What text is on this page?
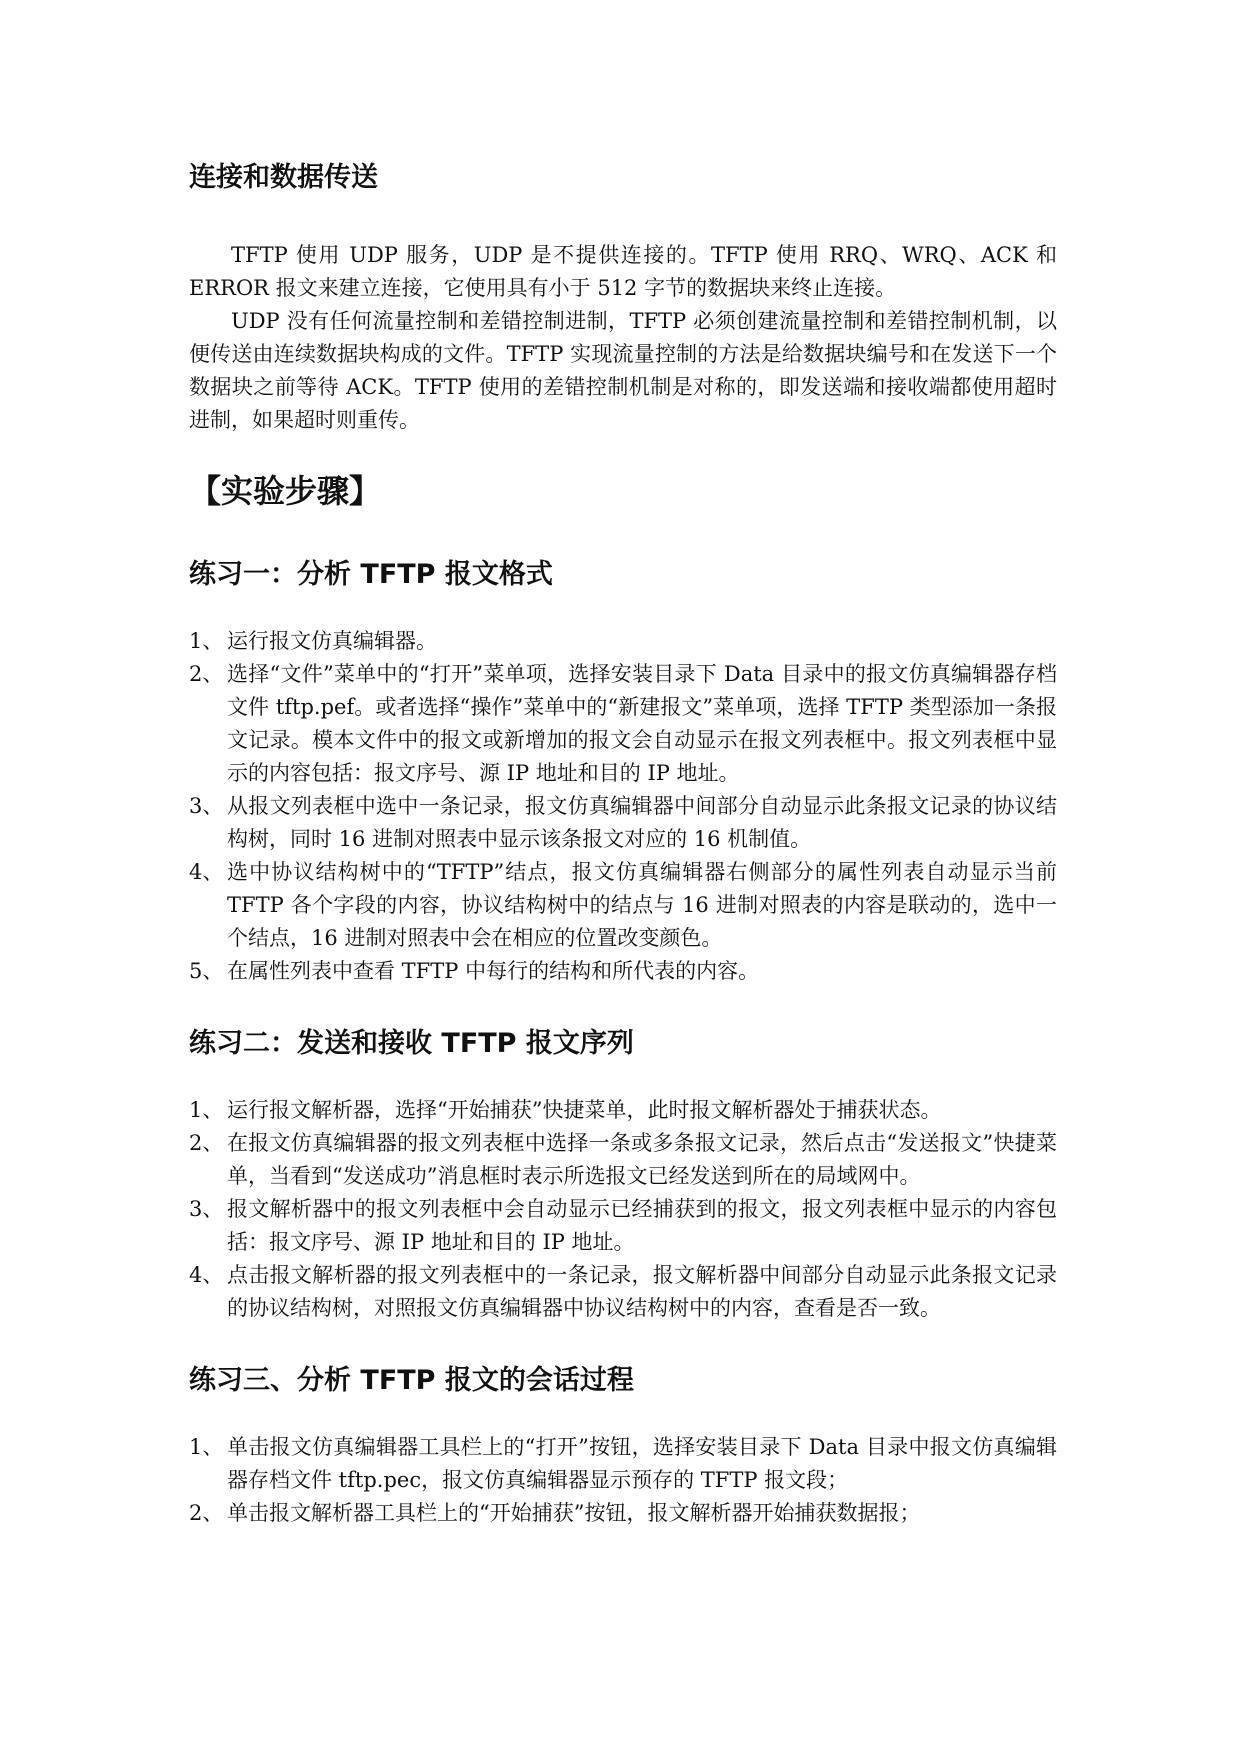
连接和数据传送

TFTP 使用 UDP 服务，UDP 是不提供连接的。TFTP 使用 RRQ、WRQ、ACK 和 ERROR 报文来建立连接，它使用具有小于 512 字节的数据块来终止连接。

UDP 没有任何流量控制和差错控制进制，TFTP 必须创建流量控制和差错控制机制，以便传送由连续数据块构成的文件。TFTP 实现流量控制的方法是给数据块编号和在发送下一个数据块之前等待 ACK。TFTP 使用的差错控制机制是对称的，即发送端和接收端都使用超时进制，如果超时则重传。

【实验步骤】
练习一：分析 TFTP 报文格式
1、 运行报文仿真编辑器。
2、 选择“文件”菜单中的“打开”菜单项，选择安装目录下 Data 目录中的报文仿真编辑器存档文件 tftp.pef。或者选择“操作”菜单中的“新建报文”菜单项，选择 TFTP 类型添加一条报文记录。模本文件中的报文或新增加的报文会自动显示在报文列表框中。报文列表框中显示的内容包括：报文序号、源 IP 地址和目的 IP 地址。
3、 从报文列表框中选中一条记录，报文仿真编辑器中间部分自动显示此条报文记录的协议结构树，同时 16 进制对照表中显示该条报文对应的 16 机制值。
4、 选中协议结构树中的“TFTP”结点，报文仿真编辑器右侧部分的属性列表自动显示当前 TFTP 各个字段的内容，协议结构树中的结点与 16 进制对照表的内容是联动的，选中一个结点，16 进制对照表中会在相应的位置改变颜色。
5、 在属性列表中查看 TFTP 中每行的结构和所代表的内容。
练习二：发送和接收 TFTP 报文序列
1、 运行报文解析器，选择“开始捕获”快捷菜单，此时报文解析器处于捕获状态。
2、 在报文仿真编辑器的报文列表框中选择一条或多条报文记录，然后点击“发送报文”快捷菜单，当看到“发送成功”消息框时表示所选报文已经发送到所在的局域网中。
3、 报文解析器中的报文列表框中会自动显示已经捕获到的报文，报文列表框中显示的内容包括：报文序号、源 IP 地址和目的 IP 地址。
4、 点击报文解析器的报文列表框中的一条记录，报文解析器中间部分自动显示此条报文记录的协议结构树，对照报文仿真编辑器中协议结构树中的内容，查看是否一致。
练习三、分析 TFTP 报文的会话过程
1、 单击报文仿真编辑器工具栏上的“打开”按钮，选择安装目录下 Data 目录中报文仿真编辑器存档文件 tftp.pec，报文仿真编辑器显示预存的 TFTP 报文段；
2、 单击报文解析器工具栏上的“开始捕获”按钮，报文解析器开始捕获数据报；
